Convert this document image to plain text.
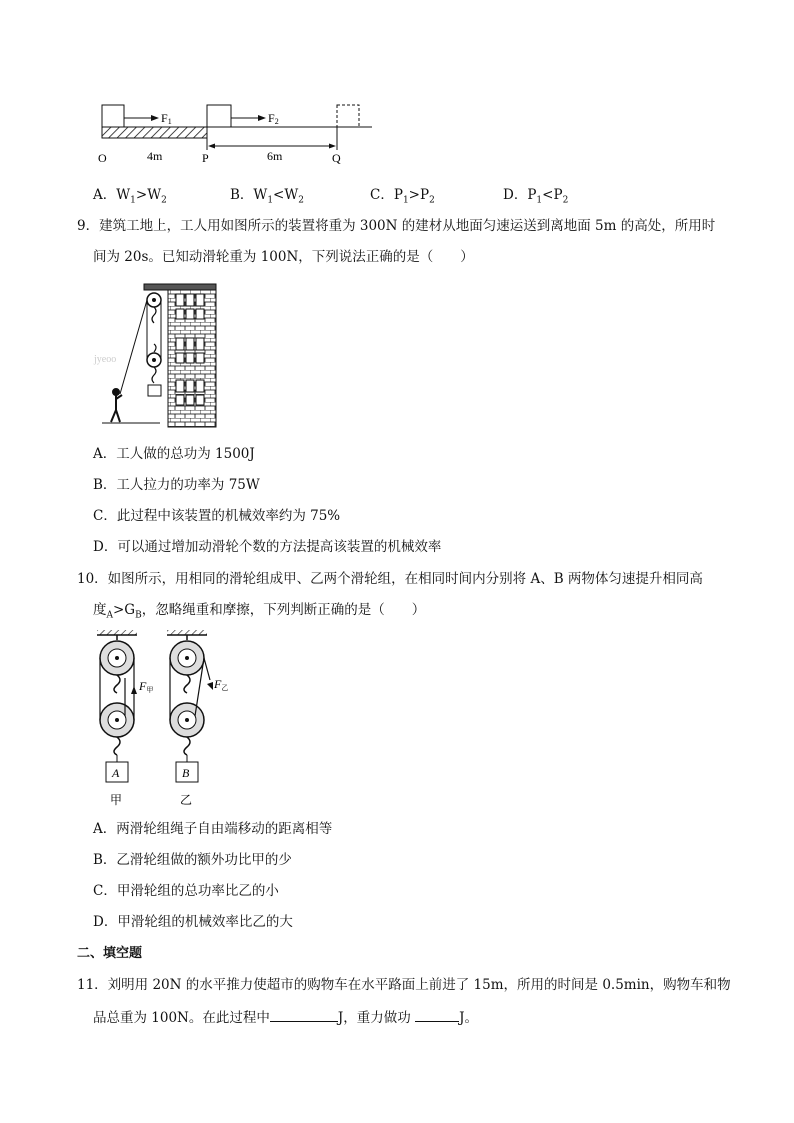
F1	F2
O	4m	P	6m	Q
A．$W_1>W_2$	B．$W_1<W_2$	C．$P_1>P_2$	D．$P_1<P_2$
9．建筑工地上，工人用如图所示的装置将重为 300N 的建材从地面匀速运送到离地面 5m 的高处，所用时
间为 20s。已知动滑轮重为 100N，下列说法正确的是（　　）
jyeoo
A．工人做的总功为 1500J
B．工人拉力的功率为 75W
C．此过程中该装置的机械效率约为 75%
D．可以通过增加动滑轮个数的方法提高该装置的机械效率
10．如图所示，用相同的滑轮组成甲、乙两个滑轮组，在相同时间内分别将 A、B 两物体匀速提升相同高
度$_A>G_B$，忽略绳重和摩擦，下列判断正确的是（　　）
F甲
A
甲
F乙
B
乙
A．两滑轮组绳子自由端移动的距离相等
B．乙滑轮组做的额外功比甲的少
C．甲滑轮组的总功率比乙的小
D．甲滑轮组的机械效率比乙的大
二、填空题
11．刘明用 20N 的水平推力使超市的购物车在水平路面上前进了 15m，所用的时间是 0.5min，购物车和物
品总重为 100N。在此过程中	J，重力做功	J。
